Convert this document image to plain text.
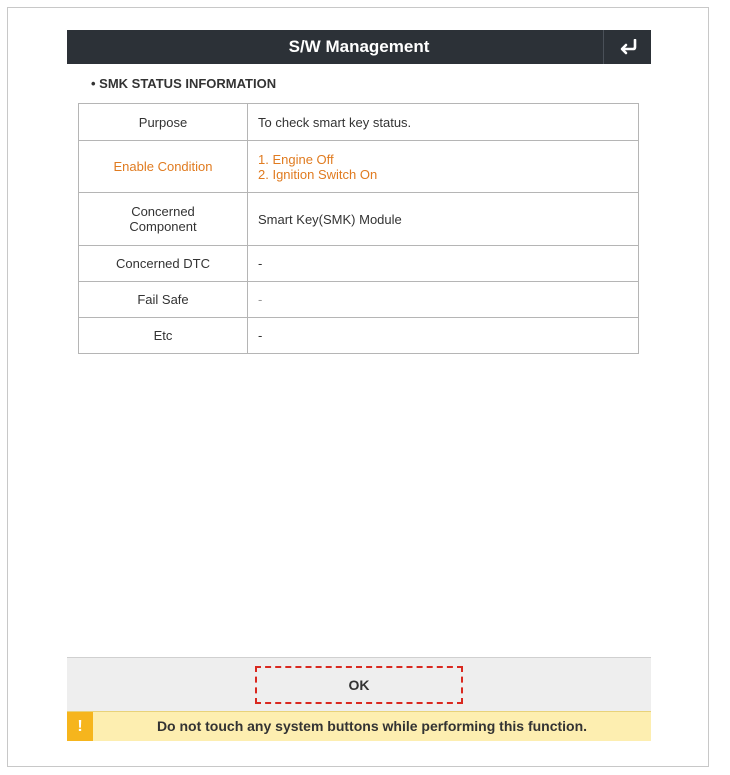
S/W Management
• SMK STATUS INFORMATION
Purpose	To check smart key status.
Enable Condition	1. Engine Off
2. Ignition Switch On

Concerned
Component	Smart Key(SMK) Module
Concerned DTC	-
Fail Safe	-
Etc	-
OK
!	Do not touch any system buttons while performing this function.
